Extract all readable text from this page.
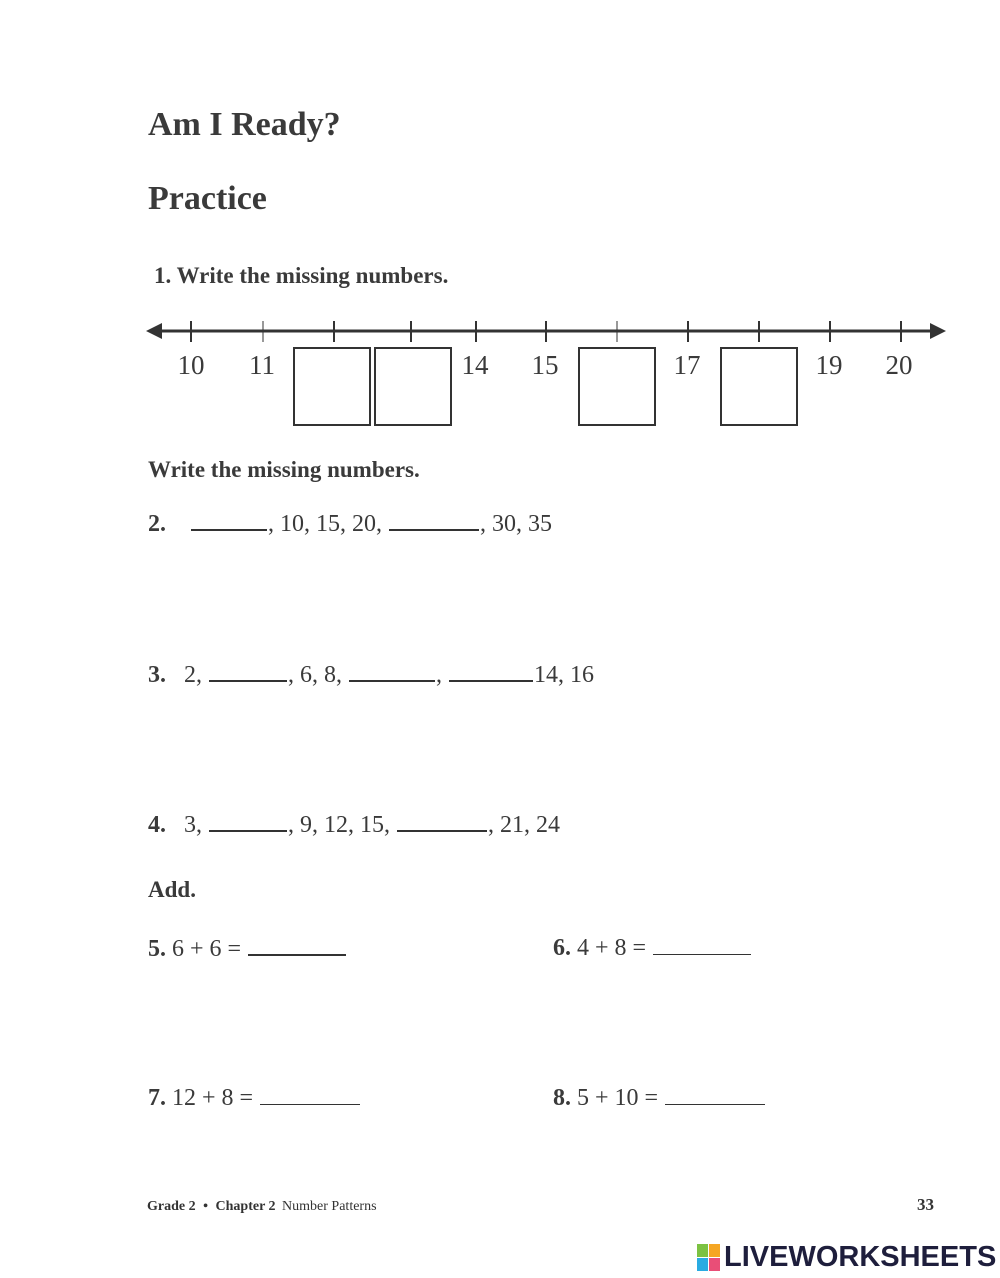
Am I Ready?
Practice
1. Write the missing numbers.
10 11	14 15	17	19 20
Write the missing numbers.
2.	, 10, 15, 20,	, 30, 35
3. 2,	, 6, 8,	,	14, 16
4. 3,	, 9, 12, 15,	, 21, 24
Add.
5. 6 + 6 =	6. 4 + 8 =
7. 12 + 8 =	8. 5 + 10 =
Grade 2 • Chapter 2 Number Patterns	33
LIVEWORKSHEETS
